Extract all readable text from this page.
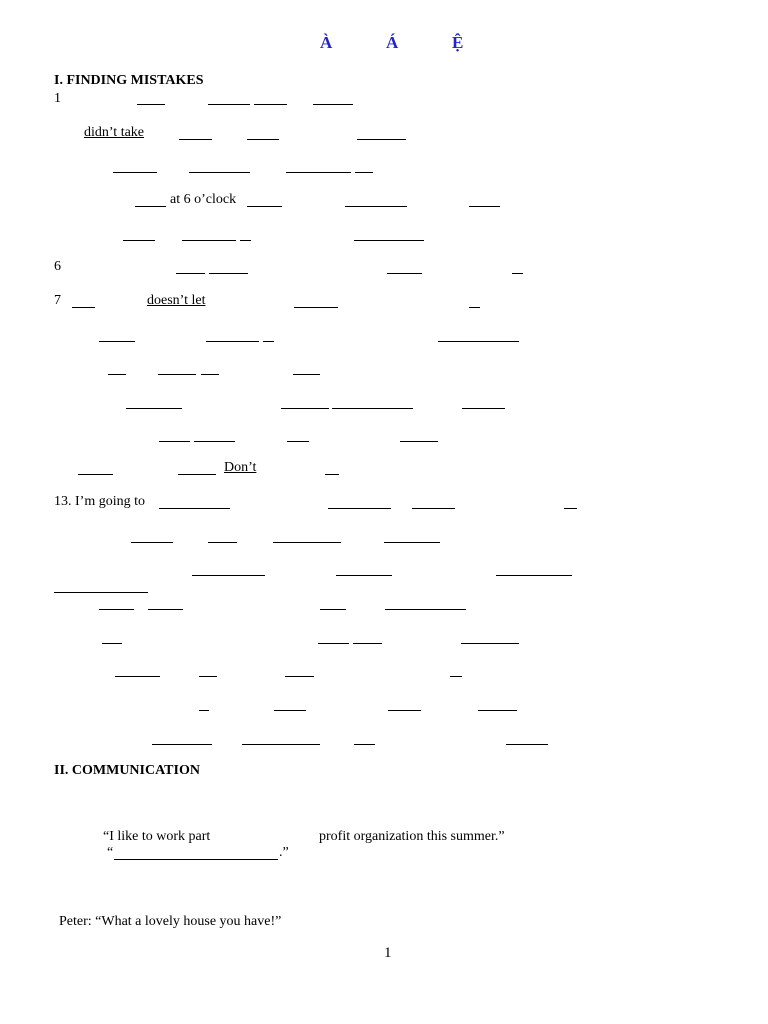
À	Á	Ệ
I. FINDING MISTAKES
1
didn’t take
at 6 o’clock
6
7	doesn’t let
Don’t
13. I’m going to
II. COMMUNICATION
“I like to work part	profit organization this summer.”
“	.”
Peter: “What a lovely house you have!”
1
